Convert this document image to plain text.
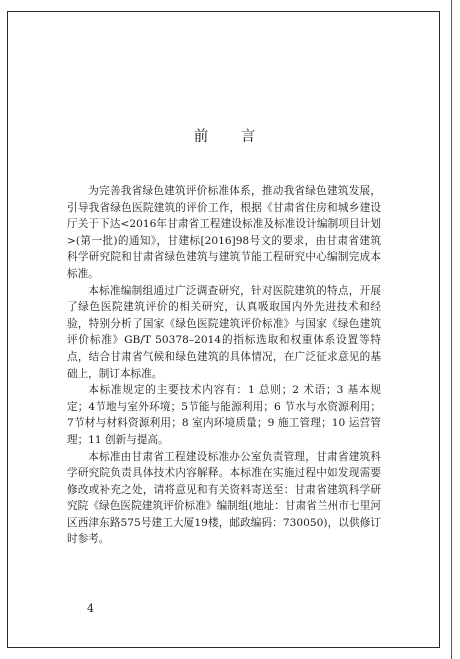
前 言

为完善我省绿色建筑评价标准体系，推动我省绿色建筑发展，引导我省绿色医院建筑的评价工作，根据《甘肃省住房和城乡建设厅关于下达<2016年甘肃省工程建设标准及标准设计编制项目计划>(第一批)的通知》，甘建标[2016]98号文的要求，由甘肃省建筑科学研究院和甘肃省绿色建筑与建筑节能工程研究中心编制完成本标准。

本标准编制组通过广泛调查研究，针对医院建筑的特点，开展了绿色医院建筑评价的相关研究，认真吸取国内外先进技术和经验，特别分析了国家《绿色医院建筑评价标准》与国家《绿色建筑评价标准》GB/T 50378–2014的指标选取和权重体系设置等特点，结合甘肃省气候和绿色建筑的具体情况，在广泛征求意见的基础上，制订本标准。

本标准规定的主要技术内容有：1 总则；2 术语；3 基本规定；4节地与室外环境；5节能与能源利用；6 节水与水资源利用；7节材与材料资源利用；8 室内环境质量；9 施工管理；10 运营管理；11 创新与提高。

本标准由甘肃省工程建设标准办公室负责管理，甘肃省建筑科学研究院负责具体技术内容解释。本标准在实施过程中如发现需要修改或补充之处，请将意见和有关资料寄送至：甘肃省建筑科学研究院《绿色医院建筑评价标准》编制组(地址：甘肃省兰州市七里河区西津东路575号建工大厦19楼，邮政编码：730050)，以供修订时参考。

4
